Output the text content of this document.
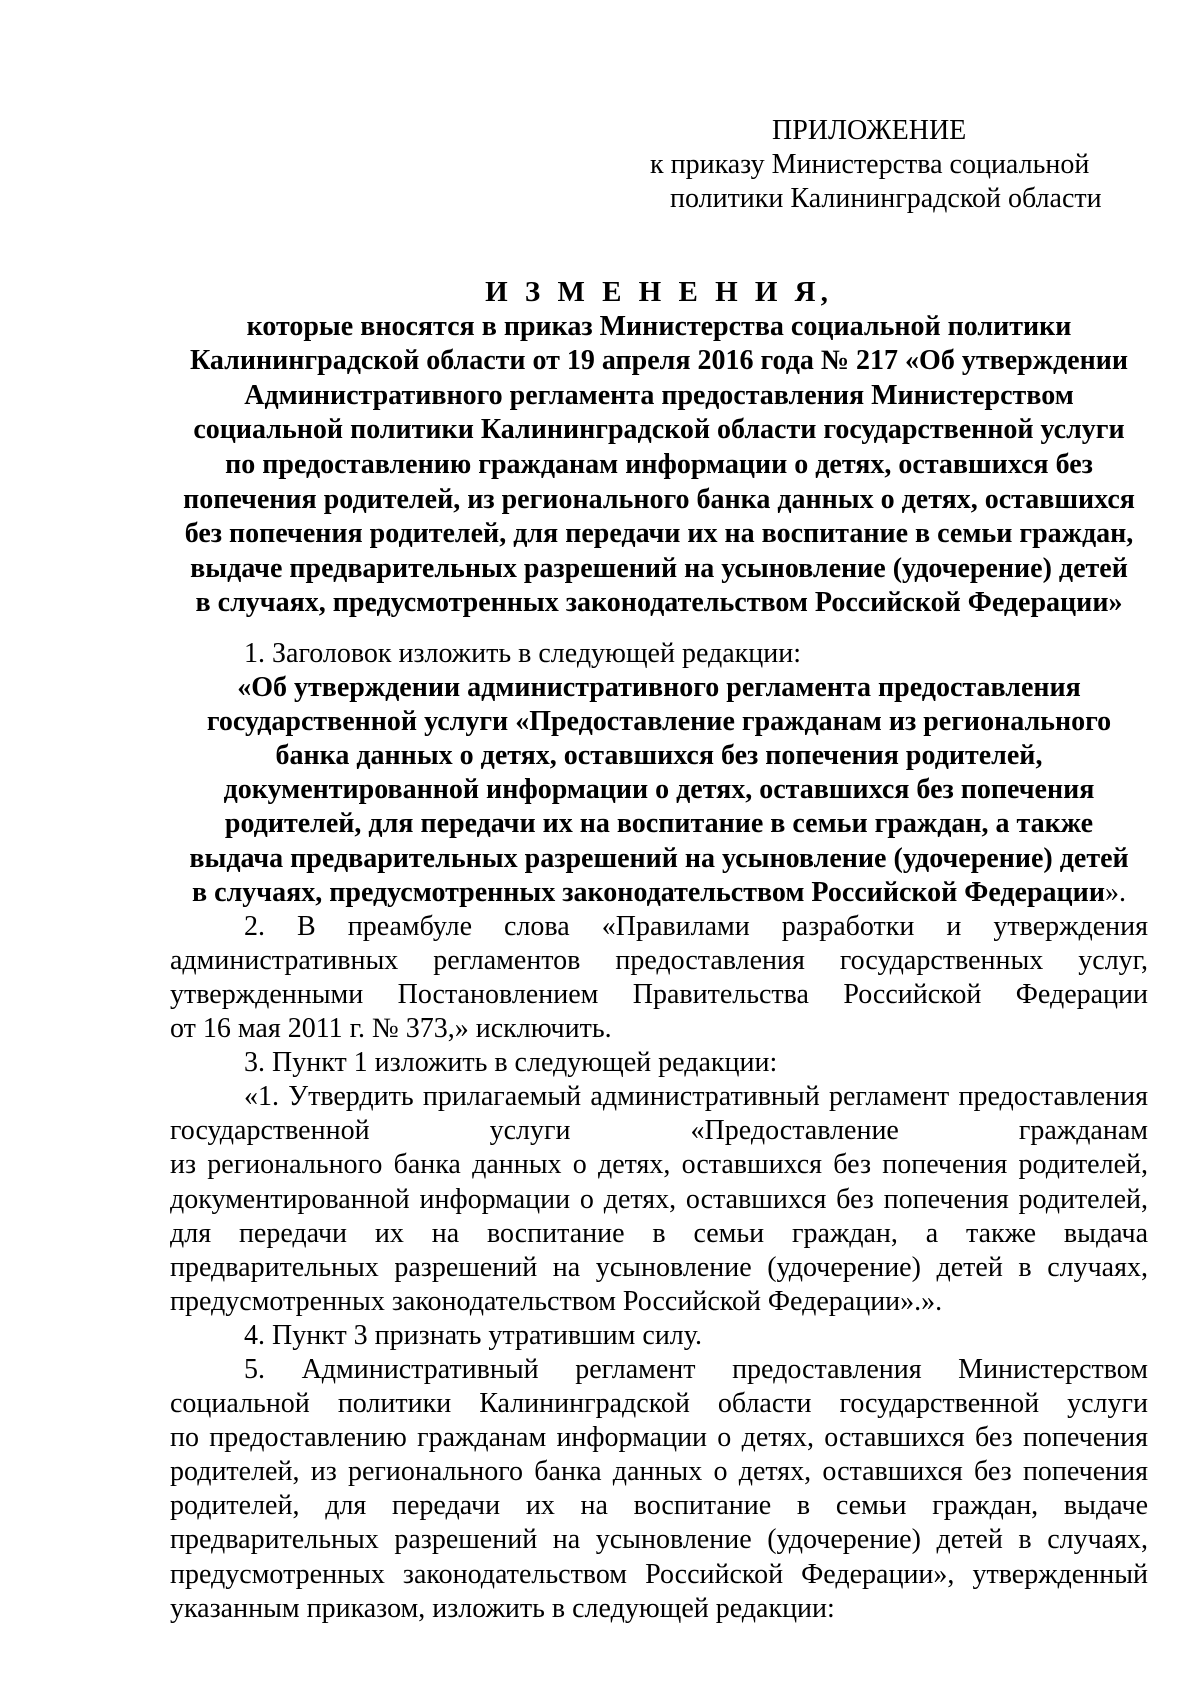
ПРИЛОЖЕНИЕ
к приказу Министерства социальной
политики Калининградской области
И З М Е Н Е Н И Я,
которые вносятся в приказ Министерства социальной политики
Калининградской области от 19 апреля 2016 года № 217 «Об утверждении
Административного регламента предоставления Министерством
социальной политики Калининградской области государственной услуги
по предоставлению гражданам информации о детях, оставшихся без
попечения родителей, из регионального банка данных о детях, оставшихся
без попечения родителей, для передачи их на воспитание в семьи граждан,
выдаче предварительных разрешений на усыновление (удочерение) детей
в случаях, предусмотренных законодательством Российской Федерации»
1. Заголовок изложить в следующей редакции:
«Об утверждении административного регламента предоставления
государственной услуги «Предоставление гражданам из регионального
банка данных о детях, оставшихся без попечения родителей,
документированной информации о детях, оставшихся без попечения
родителей, для передачи их на воспитание в семьи граждан, а также
выдача предварительных разрешений на усыновление (удочерение) детей
в случаях, предусмотренных законодательством Российской Федерации».
2. В преамбуле слова «Правилами разработки и утверждения
административных регламентов предоставления государственных услуг,
утвержденными Постановлением Правительства Российской Федерации
от 16 мая 2011 г. № 373,» исключить.
3. Пункт 1 изложить в следующей редакции:
«1. Утвердить прилагаемый административный регламент предоставления
государственной услуги «Предоставление гражданам
из регионального банка данных о детях, оставшихся без попечения родителей,
документированной информации о детях, оставшихся без попечения родителей,
для передачи их на воспитание в семьи граждан, а также выдача
предварительных разрешений на усыновление (удочерение) детей в случаях,
предусмотренных законодательством Российской Федерации».».
4. Пункт 3 признать утратившим силу.
5. Административный регламент предоставления Министерством
социальной политики Калининградской области государственной услуги
по предоставлению гражданам информации о детях, оставшихся без попечения
родителей, из регионального банка данных о детях, оставшихся без попечения
родителей, для передачи их на воспитание в семьи граждан, выдаче
предварительных разрешений на усыновление (удочерение) детей в случаях,
предусмотренных законодательством Российской Федерации», утвержденный
указанным приказом, изложить в следующей редакции:
